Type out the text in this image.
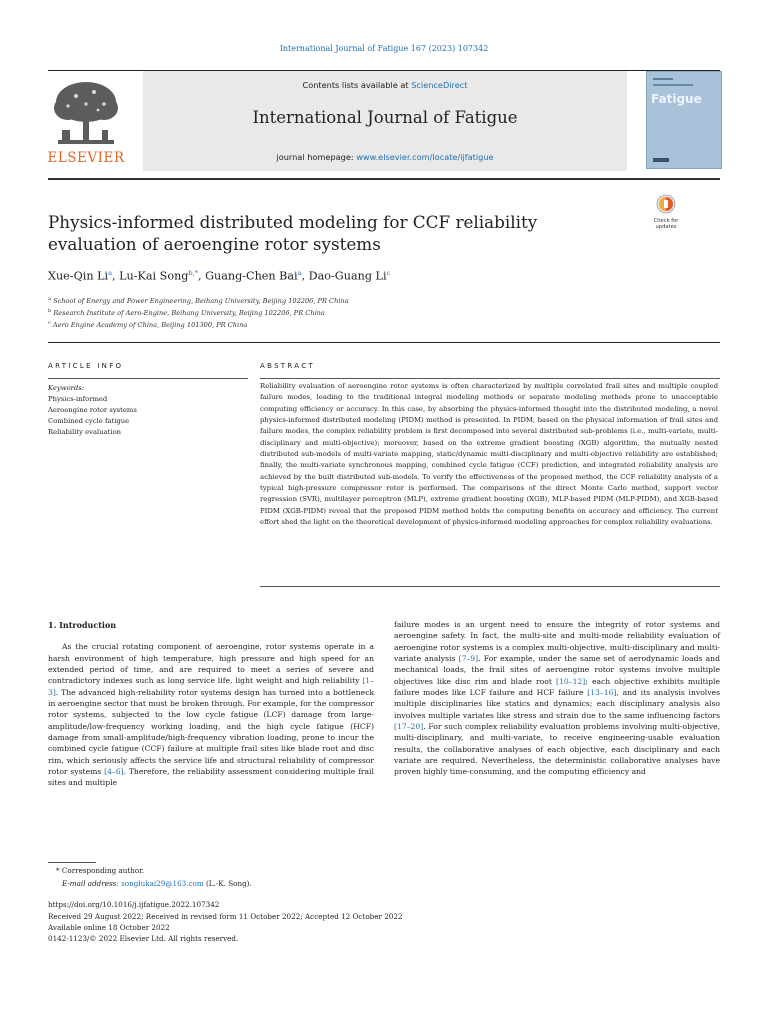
International Journal of Fatigue 167 (2023) 107342
Contents lists available at ScienceDirect
International Journal of Fatigue
journal homepage: www.elsevier.com/locate/ijfatigue
ELSEVIER
Fatigue
Physics-informed distributed modeling for CCF reliability evaluation of aeroengine rotor systems
Check for updates
Xue-Qin Li$^a$, Lu-Kai Song$^{b,*}$, Guang-Chen Bai$^a$, Dao-Guang Li$^c$
$^a$ School of Energy and Power Engineering, Beihang University, Beijing 102206, PR China
$^b$ Research Institute of Aero-Engine, Beihang University, Beijing 102206, PR China
$^c$ Aero Engine Academy of China, Beijing 101300, PR China
ARTICLE INFO	ABSTRACT
Keywords:
Physics-informed
Aeroengine rotor systems
Combined cycle fatigue
Reliability evaluation
Reliability evaluation of aeroengine rotor systems is often characterized by multiple correlated frail sites and multiple coupled failure modes, leading to the traditional integral modeling methods or separate modeling methods prone to unacceptable computing efficiency or accuracy. In this case, by absorbing the physics-informed thought into the distributed modeling, a novel physics-informed distributed modeling (PIDM) method is presented. In PIDM, based on the physical information of frail sites and failure modes, the complex reliability problem is first decomposed into several distributed sub-problems (i.e., multi-variate, multi-disciplinary and multi-objective); moreover, based on the extreme gradient boosting (XGB) algorithm, the mutually nested distributed sub-models of multi-variate mapping, static/dynamic multi-disciplinary and multi-objective reliability are established; finally, the multi-variate synchronous mapping, combined cycle fatigue (CCF) prediction, and integrated reliability analysis are achieved by the built distributed sub-models. To verify the effectiveness of the proposed method, the CCF reliability analysis of a typical high-pressure compressor rotor is performed. The comparisons of the direct Monte Carlo method, support vector regression (SVR), multilayer perceptron (MLP), extreme gradient boosting (XGB), MLP-based PIDM (MLP-PIDM), and XGB-based PIDM (XGB-PIDM) reveal that the proposed PIDM method holds the computing benefits on accuracy and efficiency. The current effort shed the light on the theoretical development of physics-informed modeling approaches for complex reliability evaluations.
1. Introduction

As the crucial rotating component of aeroengine, rotor systems operate in a harsh environment of high temperature, high pressure and high speed for an extended period of time, and are required to meet a series of severe and contradictory indexes such as long service life, light weight and high reliability [1–3]. The advanced high-reliability rotor systems design has turned into a bottleneck in aeroengine sector that must be broken through. For example, for the compressor rotor systems, subjected to the low cycle fatigue (LCF) damage from large-amplitude/low-frequency working loading, and the high cycle fatigue (HCF) damage from small-amplitude/high-frequency vibration loading, prone to incur the combined cycle fatigue (CCF) failure at multiple frail sites like blade root and disc rim, which seriously affects the service life and structural reliability of compressor rotor systems [4–6]. Therefore, the reliability assessment considering multiple frail sites and multiple

failure modes is an urgent need to ensure the integrity of rotor systems and aeroengine safety. In fact, the multi-site and multi-mode reliability evaluation of aeroengine rotor systems is a complex multi-objective, multi-disciplinary and multi-variate analysis [7–9]. For example, under the same set of aerodynamic loads and mechanical loads, the frail sites of aeroengine rotor systems involve multiple objectives like disc rim and blade root [10–12]; each objective exhibits multiple failure modes like LCF failure and HCF failure [13–16], and its analysis involves multiple disciplinaries like statics and dynamics; each disciplinary analysis also involves multiple variates like stress and strain due to the same influencing factors [17–20]. For such complex reliability evaluation problems involving multi-objective, multi-disciplinary, and multi-variate, to receive engineering-usable evaluation results, the collaborative analyses of each objective, each disciplinary and each variate are required. Nevertheless, the deterministic collaborative analyses have proven highly time-consuming, and the computing efficiency and

* Corresponding author.
E-mail address: songlukai29@163.com (L.-K. Song).
https://doi.org/10.1016/j.ijfatigue.2022.107342
Received 29 August 2022; Received in revised form 11 October 2022; Accepted 12 October 2022
Available online 18 October 2022
0142-1123/© 2022 Elsevier Ltd. All rights reserved.
